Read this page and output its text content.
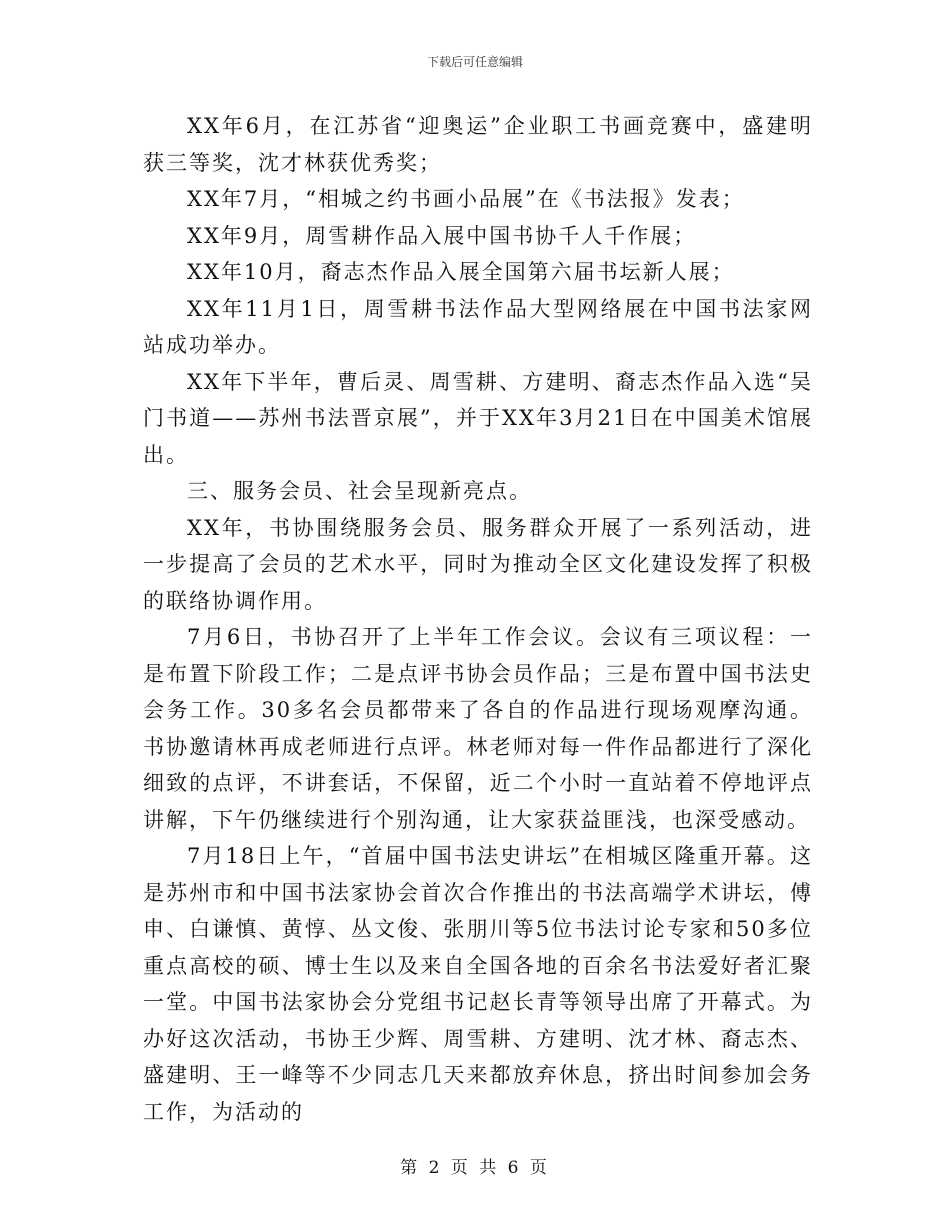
下载后可任意编辑

XX年6月，在江苏省“迎奥运”企业职工书画竞赛中，盛建明获三等奖，沈才林获优秀奖；

XX年7月，“相城之约书画小品展”在《书法报》发表；

XX年9月，周雪耕作品入展中国书协千人千作展；

XX年10月，裔志杰作品入展全国第六届书坛新人展；

XX年11月1日，周雪耕书法作品大型网络展在中国书法家网站成功举办。

XX年下半年，曹后灵、周雪耕、方建明、裔志杰作品入选“吴门书道——苏州书法晋京展”，并于XX年3月21日在中国美术馆展出。

三、服务会员、社会呈现新亮点。

XX年，书协围绕服务会员、服务群众开展了一系列活动，进一步提高了会员的艺术水平，同时为推动全区文化建设发挥了积极的联络协调作用。

7月6日，书协召开了上半年工作会议。会议有三项议程：一是布置下阶段工作；二是点评书协会员作品；三是布置中国书法史会务工作。30多名会员都带来了各自的作品进行现场观摩沟通。书协邀请林再成老师进行点评。林老师对每一件作品都进行了深化细致的点评，不讲套话，不保留，近二个小时一直站着不停地评点讲解，下午仍继续进行个别沟通，让大家获益匪浅，也深受感动。

7月18日上午，“首届中国书法史讲坛”在相城区隆重开幕。这是苏州市和中国书法家协会首次合作推出的书法高端学术讲坛，傅申、白谦慎、黄惇、丛文俊、张朋川等5位书法讨论专家和50多位重点高校的硕、博士生以及来自全国各地的百余名书法爱好者汇聚一堂。中国书法家协会分党组书记赵长青等领导出席了开幕式。为办好这次活动，书协王少辉、周雪耕、方建明、沈才林、裔志杰、盛建明、王一峰等不少同志几天来都放弃休息，挤出时间参加会务工作，为活动的

第 2 页 共 6 页
